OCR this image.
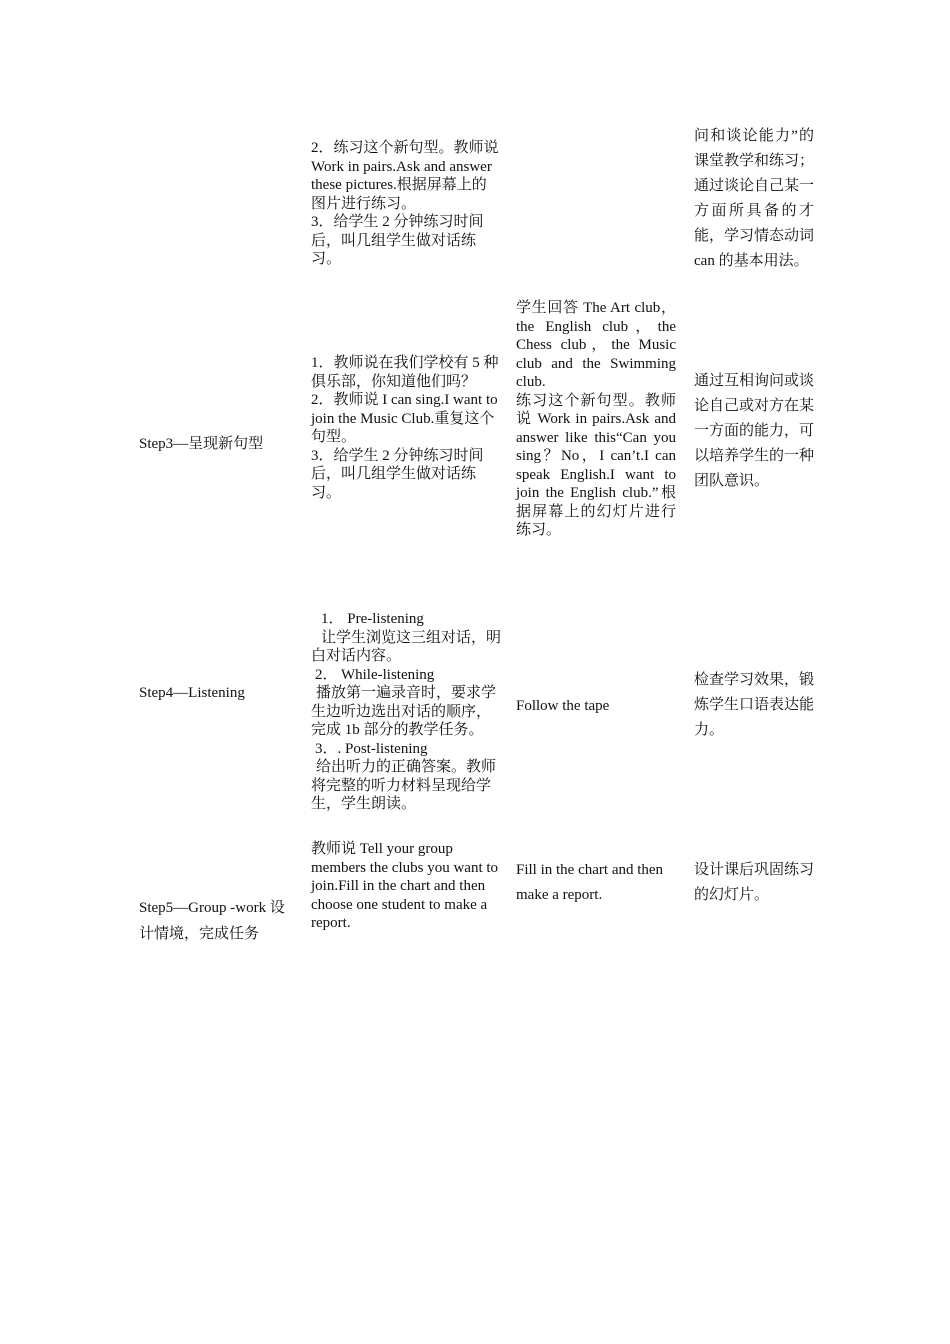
2．练习这个新句型。教师说 Work in pairs.Ask and answer these pictures.根据屏幕上的图片进行练习。

3．给学生 2 分钟练习时间后，叫几组学生做对话练习。

问和谈论能力”的课堂教学和练习；通过谈论自己某一方面所具备的才能，学习情态动词 can 的基本用法。

Step3—呈现新句型

1．教师说在我们学校有 5 种俱乐部，你知道他们吗？

2．教师说 I can sing.I want to join the Music Club.重复这个句型。

3．给学生 2 分钟练习时间后，叫几组学生做对话练习。

学生回答 The Art club，the English club，the Chess club，the Music club and the Swimming club.

练习这个新句型。教师说 Work in pairs.Ask and answer like this“Can you sing？No，I can’t.I can speak English.I want to join the English club.”根据屏幕上的幻灯片进行练习。

通过互相询问或谈论自己或对方在某一方面的能力，可以培养学生的一种团队意识。

Step4—Listening

1． Pre-listening

让学生浏览这三组对话，明白对话内容。

2． While-listening

播放第一遍录音时，要求学生边听边选出对话的顺序，完成 1b 部分的教学任务。

3．. Post-listening

给出听力的正确答案。教师将完整的听力材料呈现给学生，学生朗读。

Follow the tape

检查学习效果，锻炼学生口语表达能力。

Step5—Group -work 设计情境，完成任务

教师说 Tell your group members the clubs you want to join.Fill in the chart and then choose one student to make a report.

Fill in the chart and then make a report.

设计课后巩固练习的幻灯片。
